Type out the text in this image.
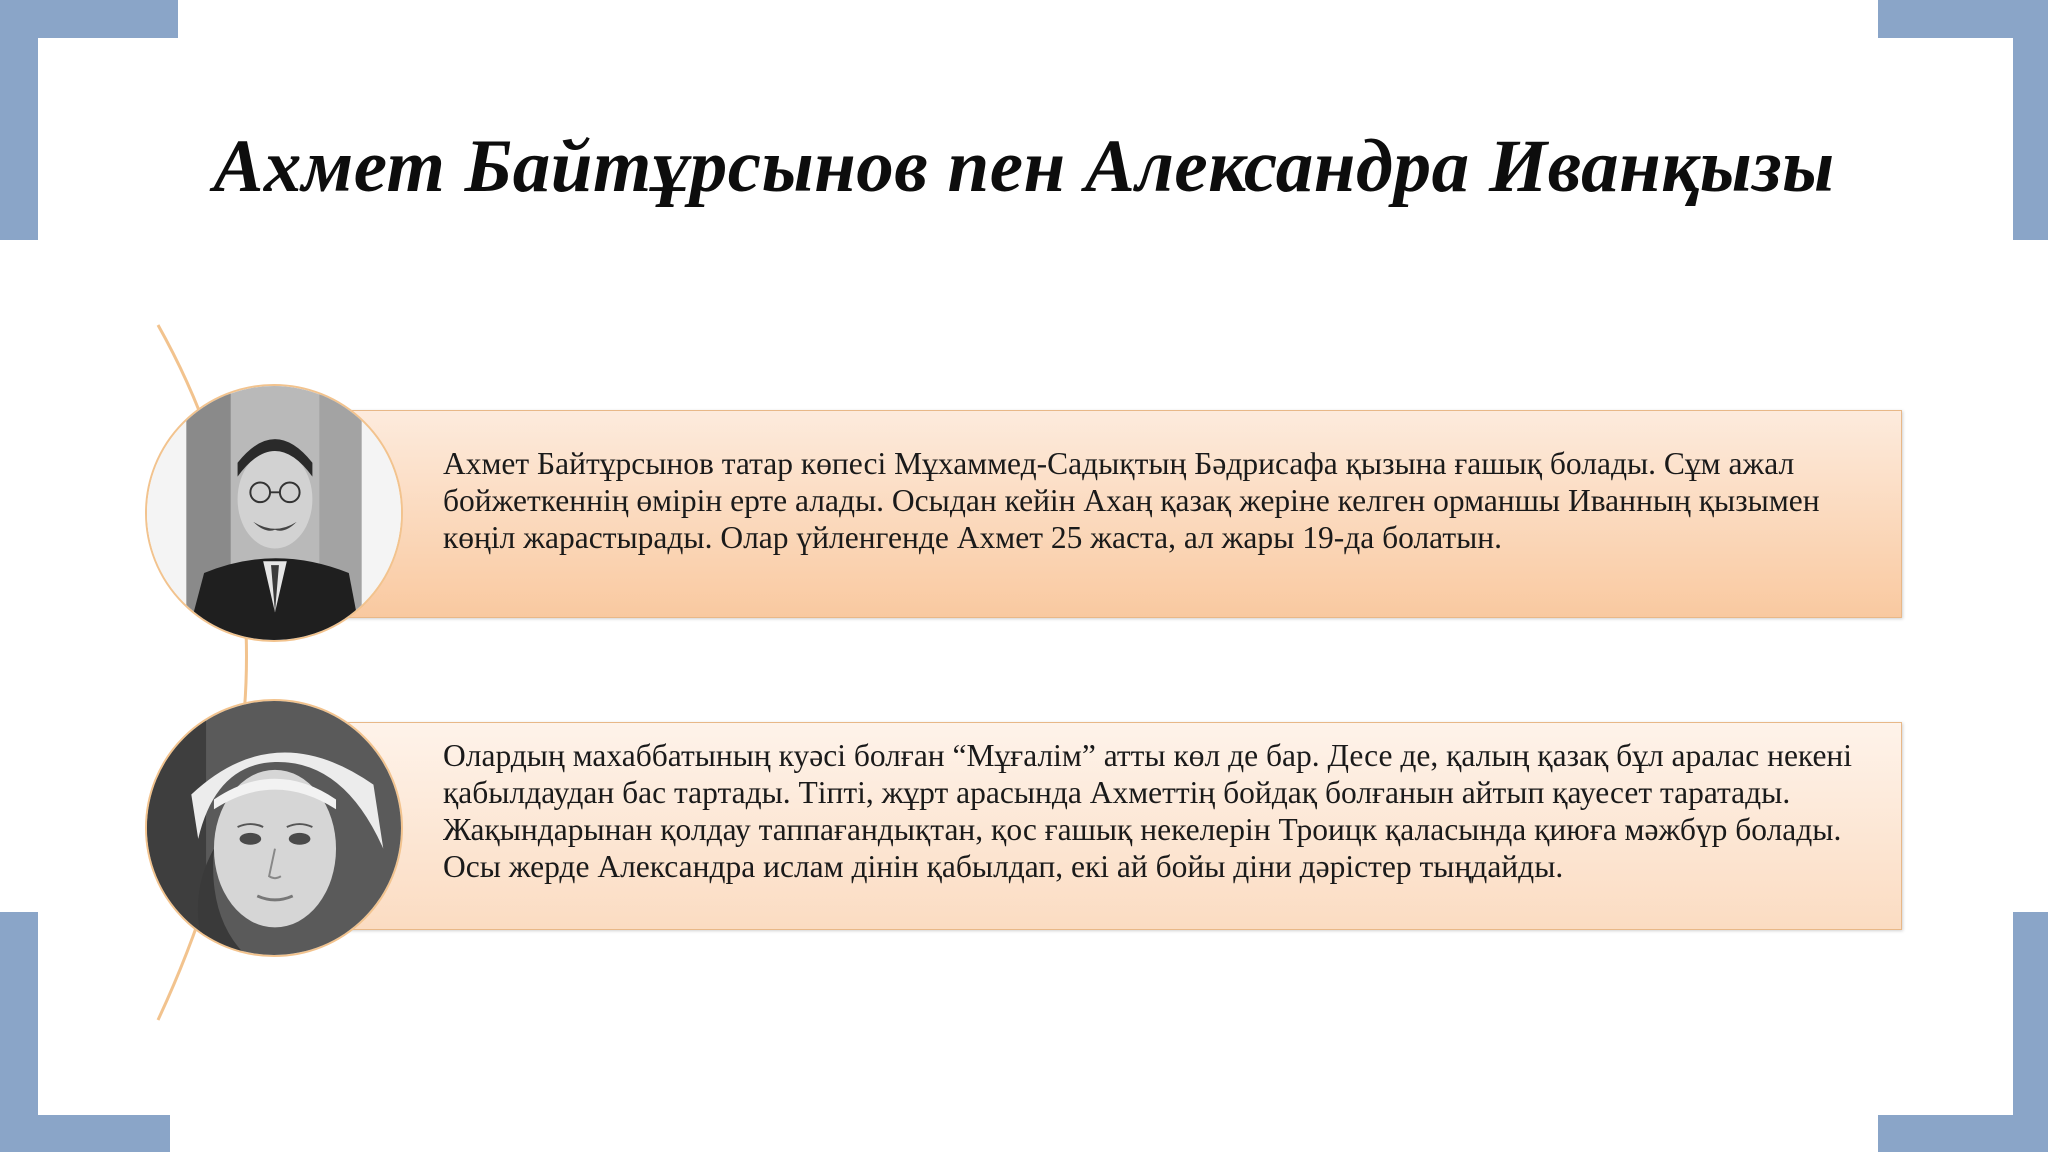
Ахмет Байтұрсынов пен Александра Иванқызы

Ахмет Байтұрсынов татар көпесі Мұхаммед-Садықтың Бәдрисафа қызына ғашық болады. Сұм ажал бойжеткеннің өмірін ерте алады. Осыдан кейін Ахаң қазақ жеріне келген орманшы Иванның қызымен көңіл жарастырады. Олар үйленгенде Ахмет 25 жаста, ал жары 19-да болатын.

Олардың махаббатының куәсі болған “Мұғалім” атты көл де бар. Десе де, қалың қазақ бұл аралас некені қабылдаудан бас тартады. Тіпті, жұрт арасында Ахметтің бойдақ болғанын айтып қауесет таратады. Жақындарынан қолдау таппағандықтан, қос ғашық некелерін Троицк қаласында қиюға мәжбүр болады. Осы жерде Александра ислам дінін қабылдап, екі ай бойы діни дәрістер тыңдайды.
